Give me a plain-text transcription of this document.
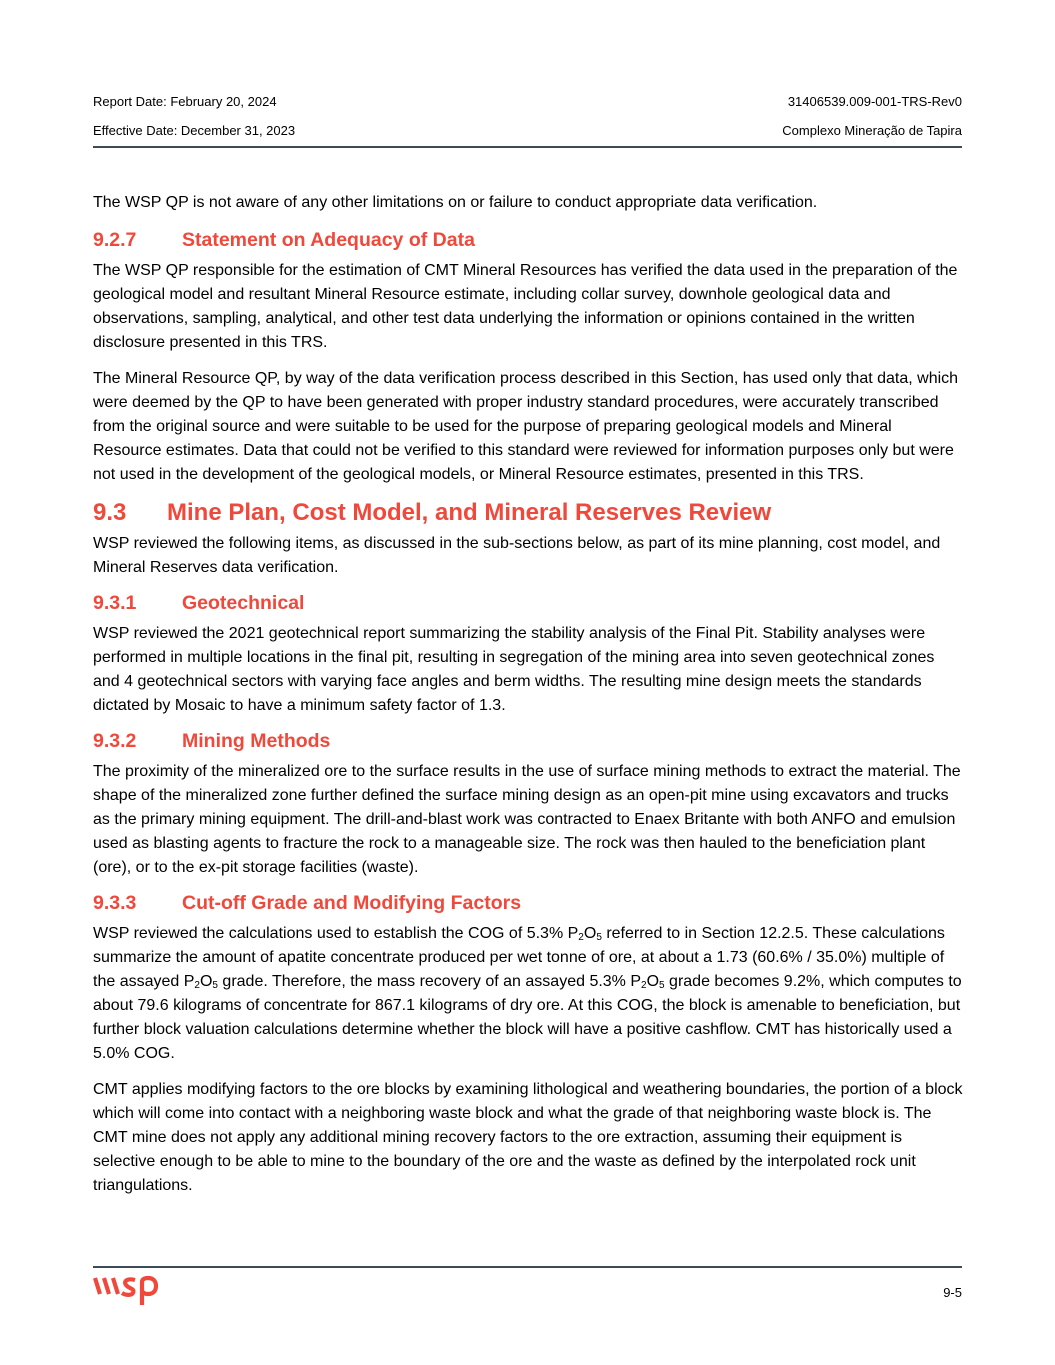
Report Date: February 20, 2024	31406539.009-001-TRS-Rev0
Effective Date: December 31, 2023	Complexo Mineração de Tapira

The WSP QP is not aware of any other limitations on or failure to conduct appropriate data verification.

9.2.7 Statement on Adequacy of Data

The WSP QP responsible for the estimation of CMT Mineral Resources has verified the data used in the preparation of the geological model and resultant Mineral Resource estimate, including collar survey, downhole geological data and observations, sampling, analytical, and other test data underlying the information or opinions contained in the written disclosure presented in this TRS.

The Mineral Resource QP, by way of the data verification process described in this Section, has used only that data, which were deemed by the QP to have been generated with proper industry standard procedures, were accurately transcribed from the original source and were suitable to be used for the purpose of preparing geological models and Mineral Resource estimates. Data that could not be verified to this standard were reviewed for information purposes only but were not used in the development of the geological models, or Mineral Resource estimates, presented in this TRS.

9.3 Mine Plan, Cost Model, and Mineral Reserves Review

WSP reviewed the following items, as discussed in the sub-sections below, as part of its mine planning, cost model, and Mineral Reserves data verification.

9.3.1 Geotechnical

WSP reviewed the 2021 geotechnical report summarizing the stability analysis of the Final Pit. Stability analyses were performed in multiple locations in the final pit, resulting in segregation of the mining area into seven geotechnical zones and 4 geotechnical sectors with varying face angles and berm widths. The resulting mine design meets the standards dictated by Mosaic to have a minimum safety factor of 1.3.

9.3.2 Mining Methods

The proximity of the mineralized ore to the surface results in the use of surface mining methods to extract the material. The shape of the mineralized zone further defined the surface mining design as an open-pit mine using excavators and trucks as the primary mining equipment. The drill-and-blast work was contracted to Enaex Britante with both ANFO and emulsion used as blasting agents to fracture the rock to a manageable size. The rock was then hauled to the beneficiation plant (ore), or to the ex-pit storage facilities (waste).

9.3.3 Cut-off Grade and Modifying Factors

WSP reviewed the calculations used to establish the COG of 5.3% $P_2O_5$ referred to in Section 12.2.5. These calculations summarize the amount of apatite concentrate produced per wet tonne of ore, at about a 1.73 (60.6% / 35.0%) multiple of the assayed $P_2O_5$ grade. Therefore, the mass recovery of an assayed 5.3% $P_2O_5$ grade becomes 9.2%, which computes to about 79.6 kilograms of concentrate for 867.1 kilograms of dry ore. At this COG, the block is amenable to beneficiation, but further block valuation calculations determine whether the block will have a positive cashflow. CMT has historically used a 5.0% COG.

CMT applies modifying factors to the ore blocks by examining lithological and weathering boundaries, the portion of a block which will come into contact with a neighboring waste block and what the grade of that neighboring waste block is. The CMT mine does not apply any additional mining recovery factors to the ore extraction, assuming their equipment is selective enough to be able to mine to the boundary of the ore and the waste as defined by the interpolated rock unit triangulations.

9-5
